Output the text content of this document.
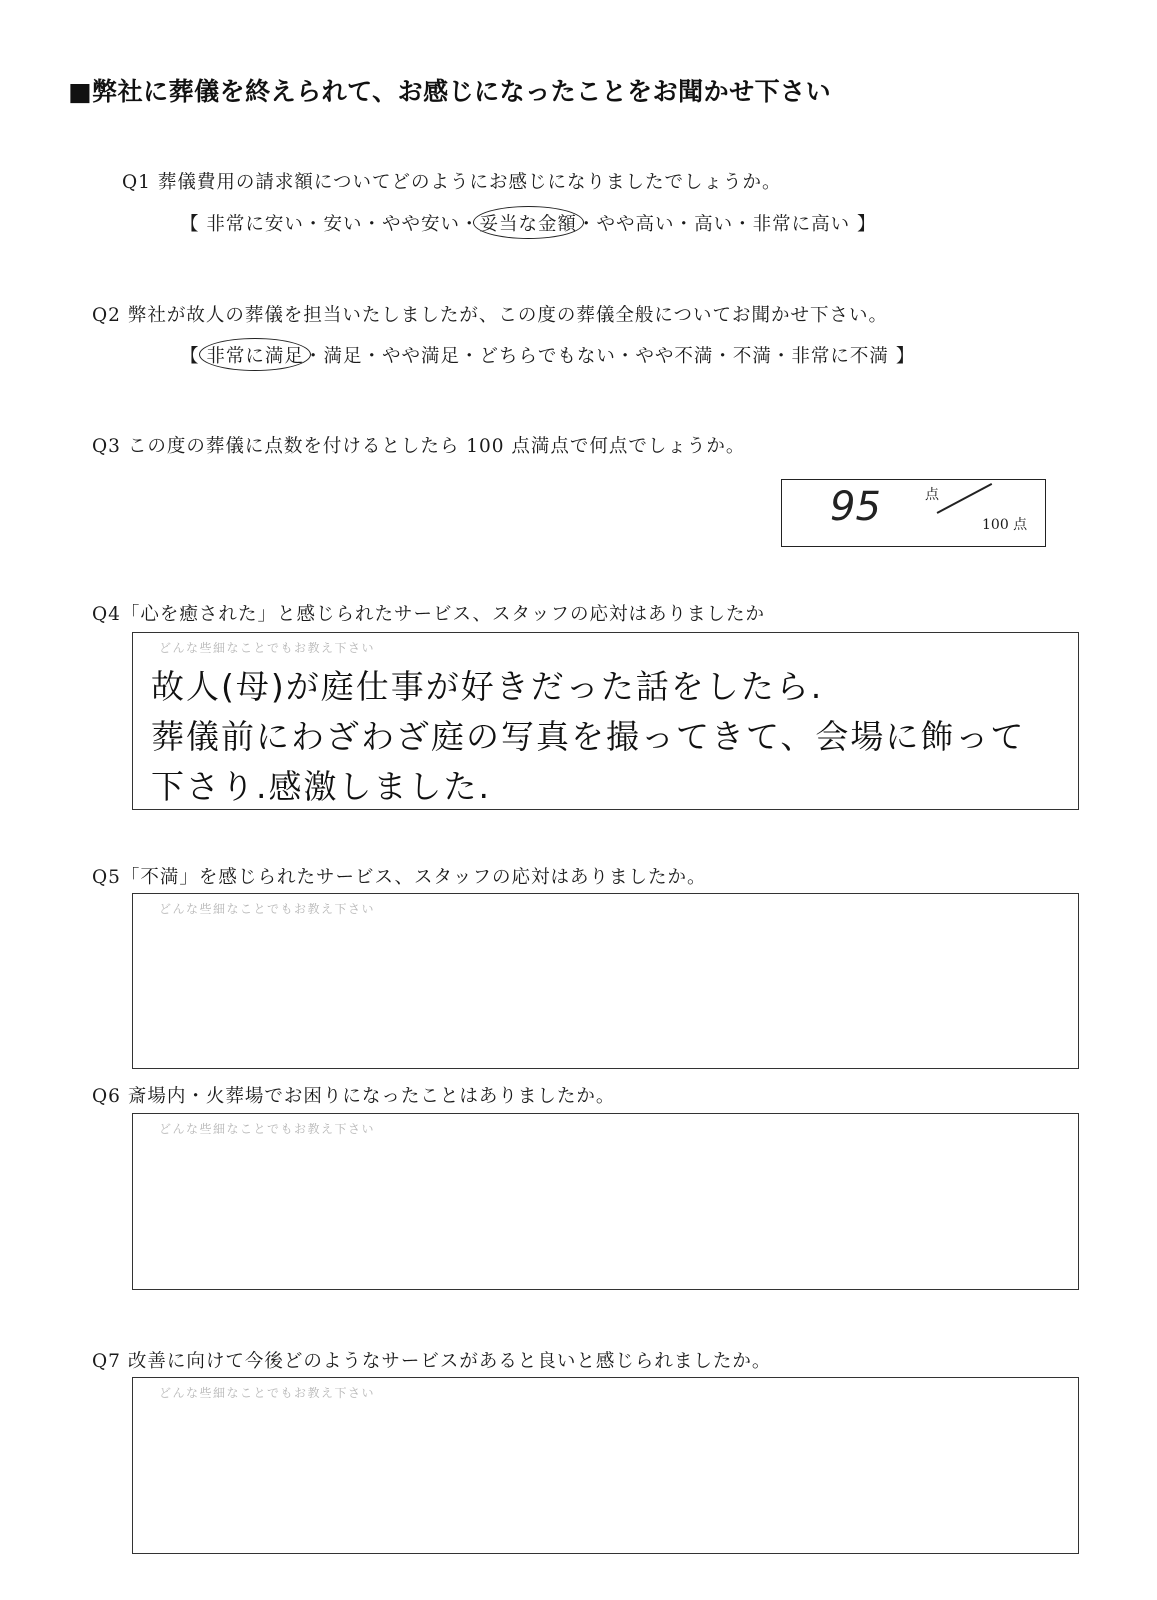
■弊社に葬儀を終えられて、お感じになったことをお聞かせ下さい
Q1 葬儀費用の請求額についてどのようにお感じになりましたでしょうか。
【 非常に安い・安い・やや安い・妥当な金額・やや高い・高い・非常に高い 】
Q2 弊社が故人の葬儀を担当いたしましたが、この度の葬儀全般についてお聞かせ下さい。
【 非常に満足・満足・やや満足・どちらでもない・やや不満・不満・非常に不満 】
Q3 この度の葬儀に点数を付けるとしたら 100 点満点で何点でしょうか。
95	点
100 点
Q4「心を癒された」と感じられたサービス、スタッフの応対はありましたか
どんな些細なことでもお教え下さい
故人(母)が庭仕事が好きだった話をしたら.
葬儀前にわざわざ庭の写真を撮ってきて、会場に飾って
下さり.感激しました.
Q5「不満」を感じられたサービス、スタッフの応対はありましたか。
どんな些細なことでもお教え下さい
Q6 斎場内・火葬場でお困りになったことはありましたか。
どんな些細なことでもお教え下さい
Q7 改善に向けて今後どのようなサービスがあると良いと感じられましたか。
どんな些細なことでもお教え下さい
